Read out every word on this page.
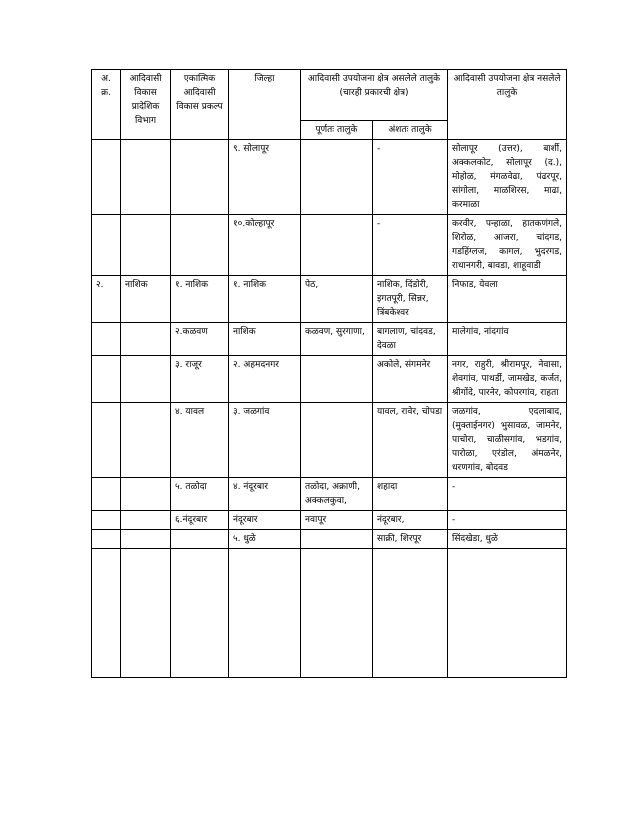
अ. क्र.	आदिवासी विकास प्रादेशिक विभाग	एकात्मिक आदिवासी विकास प्रकल्प	जिल्हा	आदिवासी उपयोजना क्षेत्र असलेले तालुके (चारही प्रकारची क्षेत्र)		आदिवासी उपयोजना क्षेत्र नसलेले तालुके
				पूर्णतः तालुके	अंशतः तालुके	
			९. सोलापूर		-	सोलापूर (उत्तर), बार्शी, अक्कलकोट, सोलापूर (द.), मोहोळ, मंगळवेढा, पंढरपूर, सांगोला, माळशिरस, माढा, करमाळा
			१०.कोल्हापूर		-	करवीर, पन्हाळा, हातकणंगले, शिरोळ, आजरा, चांदगड, गडहिंग्लज, कागल, भुदरगड, राधानगरी, बावडा, शाहूवाडी
२.	नाशिक	१. नाशिक	१. नाशिक	पेठ,	नाशिक, दिंडोरी, इगतपूरी, सिन्नर, त्रिंबकेश्वर	निफाड, येवला
		२.कळवण	नाशिक	कळवण, सुरगाणा,	बागलाण, चांदवड, देवळा	मालेगांव, नांदगांव
		३. राजूर	२. अहमदनगर		अकोले, संगमनेर	नगर, राहुरी, श्रीरामपूर, नेवासा, शेवगांव, पाथर्डी, जामखेड, कर्जत, श्रीगोंदे, पारनेर, कोपरगांव, राहता
		४. यावल	३. जळगांव		यावल, रावेर, चोपडा	जळगांव, एदलाबाद, (मुक्ताईनगर) भुसावळ, जामनेर, पाचोरा, चाळीसगांव, भडगांव, पारोळा, एरंडोल, अंमळनेर, धरणगांव, बोदवड
		५. तळोदा	४. नंदूरबार	तळोदा, अक्राणी, अक्कलकुवा,	शहादा	-
		६.नंदूरबार	नंदूरबार	नवापूर	नंदूरबार,	-
			५. धुळे		साक्री, शिरपूर	सिंदखेडा, धुळे
